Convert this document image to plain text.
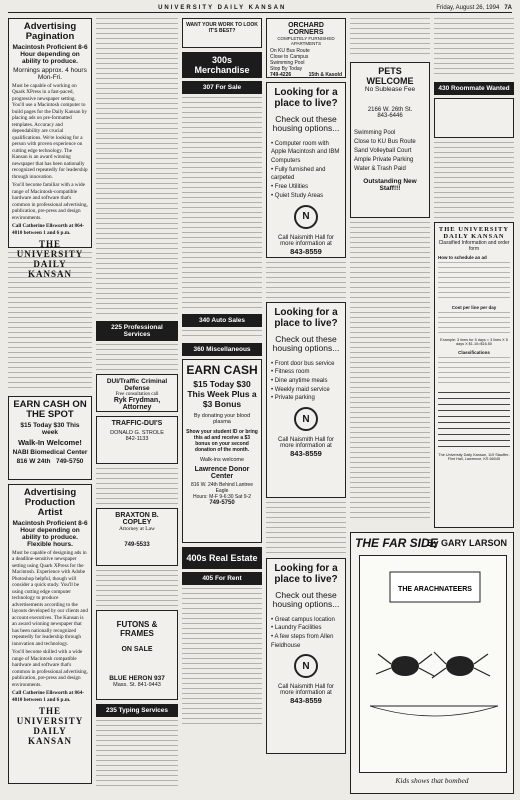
UNIVERSITY DAILY KANSAN	Friday, August 26, 1994 7A
Advertising Pagination
Macintosh Proficient 8-6 Hour depending on ability to produce.
Mornings approx. 4 hours Mon-Fri.
Must be capable of working on Quark XPress in a fast-paced, progressive newspaper setting. You'll use a Macintosh computer to build pages for the Daily Kansan by placing ads on pre-formatted templates. Accuracy and dependability are crucial qualifications. We're looking for a person with proven experience on cutting edge technology. The Kansan is an award winning newspaper that has been nationally recognized repeatedly for leadership through innovation.
You'll become familiar with a wide range of Macintosh-compatible hardware and software that's common in professional advertising, publication, pre-press and design environments.
Call Catherine Ellsworth at 864-4810 between 1 and 6 p.m.
THE UNIVERSITY DAILY KANSAN
EARN CASH ON THE SPOT
$15 Today $30 This week
Walk-In Welcome!
NABI Biomedical Center
816 W 24th 749-5750
Advertising Production Artist
Macintosh Proficient 8-6 Hour depending on ability to produce. Flexible hours.
Must be capable of designing ads in a deadline-sensitive newspaper setting using Quark XPress for the Macintosh. Experience with Adobe Photoshop helpful, though will consider a quick study. You'll be using cutting edge computer technology to produce advertisements according to the layouts developed by our clients and account executives. The Kansan is an award winning newspaper that has been nationally recognized repeatedly for leadership through innovation and technology.
You'll become skilled with a wide range of Macintosh compatible hardware and software that's common in professional advertising, publication, pre-press and design environments.
Call Catherine Ellsworth at 864-4810 between 1 and 6 p.m.
THE UNIVERSITY DAILY KANSAN
225 Professional Services
DUI/Traffic Criminal Defense
Free consultation call
Ryk Frydman, Attorney
TRAFFIC-DUI'S
DONALD G. STROLE
842-1133
BRAXTON B. COPLEY
Attorney at Law
749-5533
FUTONS & FRAMES
ON SALE
BLUE HERON 937
Mass. St. 841-9443
235 Typing Services
WANT YOUR WORK TO LOOK IT'S BEST?
300s Merchandise
307 For Sale
340 Auto Sales
360 Miscellaneous
EARN CASH
$15 Today $30 This Week Plus a $3 Bonus
By donating your blood plasma
Show your student ID or bring this ad and receive a $3 bonus on your second donation of the month.
Walk-ins welcome
Lawrence Donor Center
816 W. 24th Behind Lantree Eagle
Hours: M-F 9-6:30 Sat 9-2
749-5750
400s Real Estate
405 For Rent
ORCHARD CORNERS
COMPLETELY FURNISHED APARTMENTS
On KU Bus Route
Close to Campus
Swimming Pool
Stop By Today
749-4226	15th & Kasold
Looking for a place to live?
Check out these housing options...
• Computer room with Apple Macintosh and IBM Computers
• Fully furnished and carpeted
• Free Utilities
• Quiet Study Areas
N
Call Naismith Hall for more information at
843-8559
Looking for a place to live?
Check out these housing options...
• Front door bus service
• Fitness room
• Dine anytime meals
• Weekly maid service
• Private parking
N
Call Naismith Hall for more information at
843-8559
Looking for a place to live?
Check out these housing options...
• Great campus location
• Laundry Facilities
• A few steps from Allen Fieldhouse
N
Call Naismith Hall for more information at
843-8559
PETS WELCOME
No Sublease Fee
2166 W. 26th St.
843-6446
Swimming Pool
Close to KU Bus Route
Sand Volleyball Court
Ample Private Parking
Water & Trash Paid
Outstanding New Staff!!!
430 Roommate Wanted
THE UNIVERSITY DAILY KANSAN
Classified Information and order form
How to schedule an ad
Cost per line per day
Example: 3 lines for 5 days = 3 lines X 5 days X $1.10=$16.50
Classifications
The University Daily Kansan, 119 Stauffer-Flint Hall, Lawrence, KS 66045
THE FAR SIDE
By GARY LARSON
THE ARACHNATEERS
Kids shows that bombed
